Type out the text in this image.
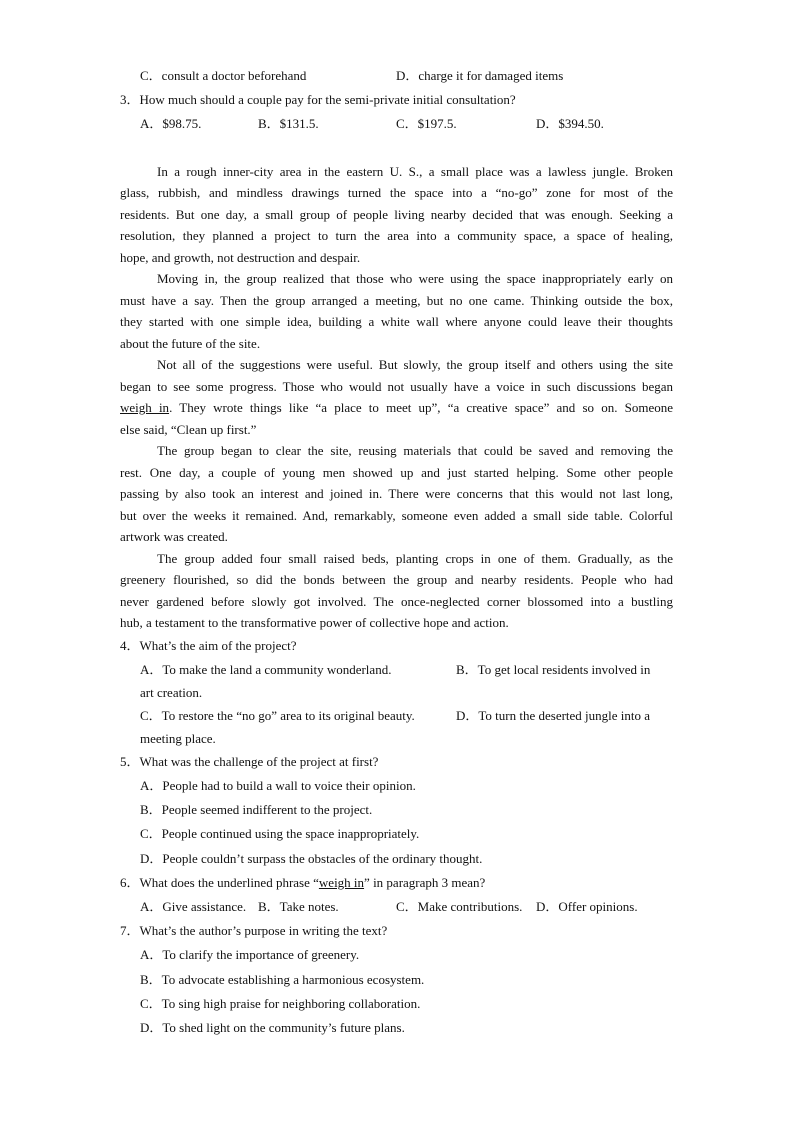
C．consult a doctor beforehand	D．charge it for damaged items
3．How much should a couple pay for the semi-private initial consultation?
A．$98.75.	B．$131.5.	C．$197.5.	D．$394.50.
In a rough inner-city area in the eastern U. S., a small place was a lawless jungle. Broken
glass, rubbish, and mindless drawings turned the space into a “no-go” zone for most of the
residents. But one day, a small group of people living nearby decided that was enough. Seeking a
resolution, they planned a project to turn the area into a community space, a space of healing,
hope, and growth, not destruction and despair.
Moving in, the group realized that those who were using the space inappropriately early on
must have a say. Then the group arranged a meeting, but no one came. Thinking outside the box,
they started with one simple idea, building a white wall where anyone could leave their thoughts
about the future of the site.
Not all of the suggestions were useful. But slowly, the group itself and others using the site
began to see some progress. Those who would not usually have a voice in such discussions began
weigh in. They wrote things like “a place to meet up”, “a creative space” and so on. Someone
else said, “Clean up first.”
The group began to clear the site, reusing materials that could be saved and removing the
rest. One day, a couple of young men showed up and just started helping. Some other people
passing by also took an interest and joined in. There were concerns that this would not last long,
but over the weeks it remained. And, remarkably, someone even added a small side table. Colorful
artwork was created.
The group added four small raised beds, planting crops in one of them. Gradually, as the
greenery flourished, so did the bonds between the group and nearby residents. People who had
never gardened before slowly got involved. The once-neglected corner blossomed into a bustling
hub, a testament to the transformative power of collective hope and action.
4．What’s the aim of the project?
A．To make the land a community wonderland.	B．To get local residents involved in
art creation.
C．To restore the “no go” area to its original beauty.	D．To turn the deserted jungle into a
meeting place.
5．What was the challenge of the project at first?
A．People had to build a wall to voice their opinion.
B．People seemed indifferent to the project.
C．People continued using the space inappropriately.
D．People couldn’t surpass the obstacles of the ordinary thought.
6．What does the underlined phrase “weigh in” in paragraph 3 mean?
A．Give assistance. B．Take notes.	C．Make contributions. D．Offer opinions.
7．What’s the author’s purpose in writing the text?
A．To clarify the importance of greenery.
B．To advocate establishing a harmonious ecosystem.
C．To sing high praise for neighboring collaboration.
D．To shed light on the community’s future plans.
